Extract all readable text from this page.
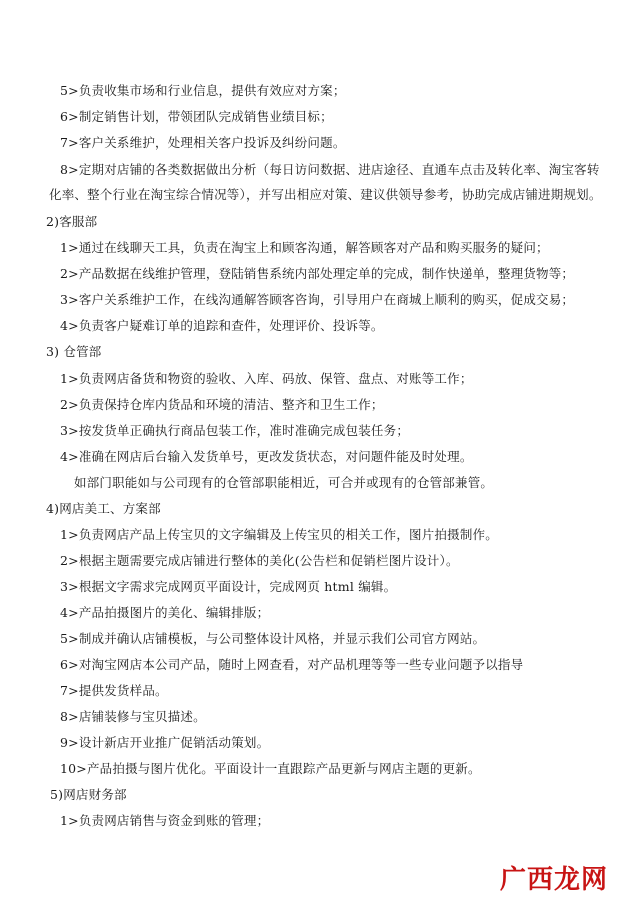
5>负责收集市场和行业信息，提供有效应对方案；
6>制定销售计划，带领团队完成销售业绩目标；
7>客户关系维护，处理相关客户投诉及纠纷问题。
8>定期对店铺的各类数据做出分析（每日访问数据、进店途径、直通车点击及转化率、淘宝客转
化率、整个行业在淘宝综合情况等），并写出相应对策、建议供领导参考，协助完成店铺进期规划。
2)客服部
1>通过在线聊天工具，负责在淘宝上和顾客沟通，解答顾客对产品和购买服务的疑问；
2>产品数据在线维护管理，登陆销售系统内部处理定单的完成，制作快递单，整理货物等；
3>客户关系维护工作，在线沟通解答顾客咨询，引导用户在商城上顺利的购买，促成交易；
4>负责客户疑难订单的追踪和查件，处理评价、投诉等。
3) 仓管部
1>负责网店备货和物资的验收、入库、码放、保管、盘点、对账等工作；
2>负责保持仓库内货品和环境的清洁、整齐和卫生工作；
3>按发货单正确执行商品包装工作，准时准确完成包装任务；
4>准确在网店后台输入发货单号，更改发货状态，对问题件能及时处理。
如部门职能如与公司现有的仓管部职能相近，可合并或现有的仓管部兼管。
4)网店美工、方案部
1>负责网店产品上传宝贝的文字编辑及上传宝贝的相关工作，图片拍摄制作。
2>根据主题需要完成店铺进行整体的美化(公告栏和促销栏图片设计）。
3>根据文字需求完成网页平面设计，完成网页 html 编辑。
4>产品拍摄图片的美化、编辑排版；
5>制成并确认店铺模板，与公司整体设计风格，并显示我们公司官方网站。
6>对淘宝网店本公司产品，随时上网查看，对产品机理等等一些专业问题予以指导
7>提供发货样品。
8>店铺装修与宝贝描述。
9>设计新店开业推广促销活动策划。
10>产品拍摄与图片优化。平面设计一直跟踪产品更新与网店主题的更新。
5)网店财务部
1>负责网店销售与资金到账的管理；
广西龙网
